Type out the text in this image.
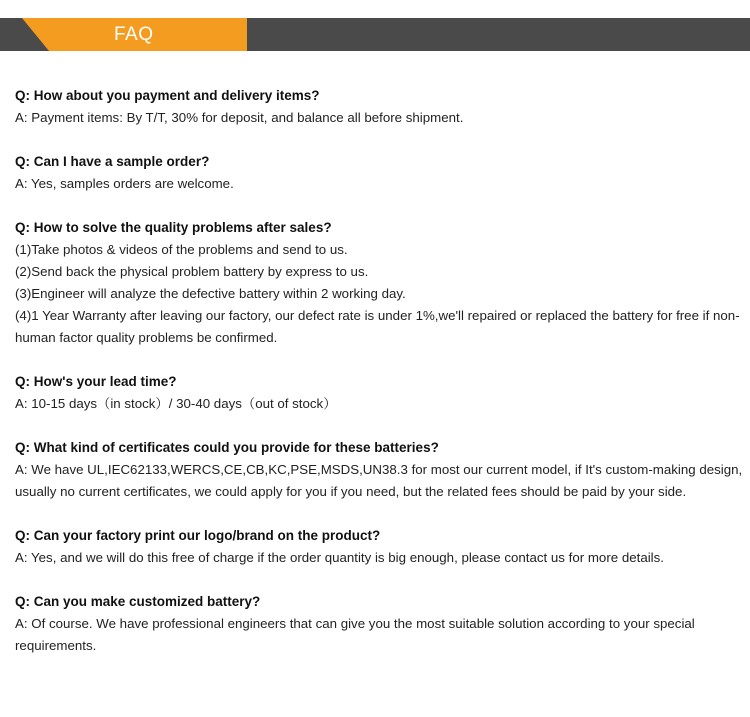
FAQ
Q: How about you payment and delivery items?
A: Payment items: By T/T, 30% for deposit, and balance all before shipment.
Q: Can I have a sample order?
A: Yes, samples orders are welcome.
Q: How to solve the quality problems after sales?
(1)Take photos & videos of the problems and send to us.
(2)Send back the physical problem battery by express to us.
(3)Engineer will analyze the defective battery within 2 working day.
(4)1 Year Warranty after leaving our factory, our defect rate is under 1%,we'll repaired or replaced the battery for free if non-human factor quality problems be confirmed.
Q: How's your lead time?
A: 10-15 days（in stock）/ 30-40 days（out of stock）
Q: What kind of certificates could you provide for these batteries?
A: We have UL,IEC62133,WERCS,CE,CB,KC,PSE,MSDS,UN38.3 for most our current model, if It's custom-making design, usually no current certificates, we could apply for you if you need, but the related fees should be paid by your side.
Q: Can your factory print our logo/brand on the product?
A: Yes, and we will do this free of charge if the order quantity is big enough, please contact us for more details.
Q: Can you make customized battery?
A: Of course. We have professional engineers that can give you the most suitable solution according to your special requirements.
